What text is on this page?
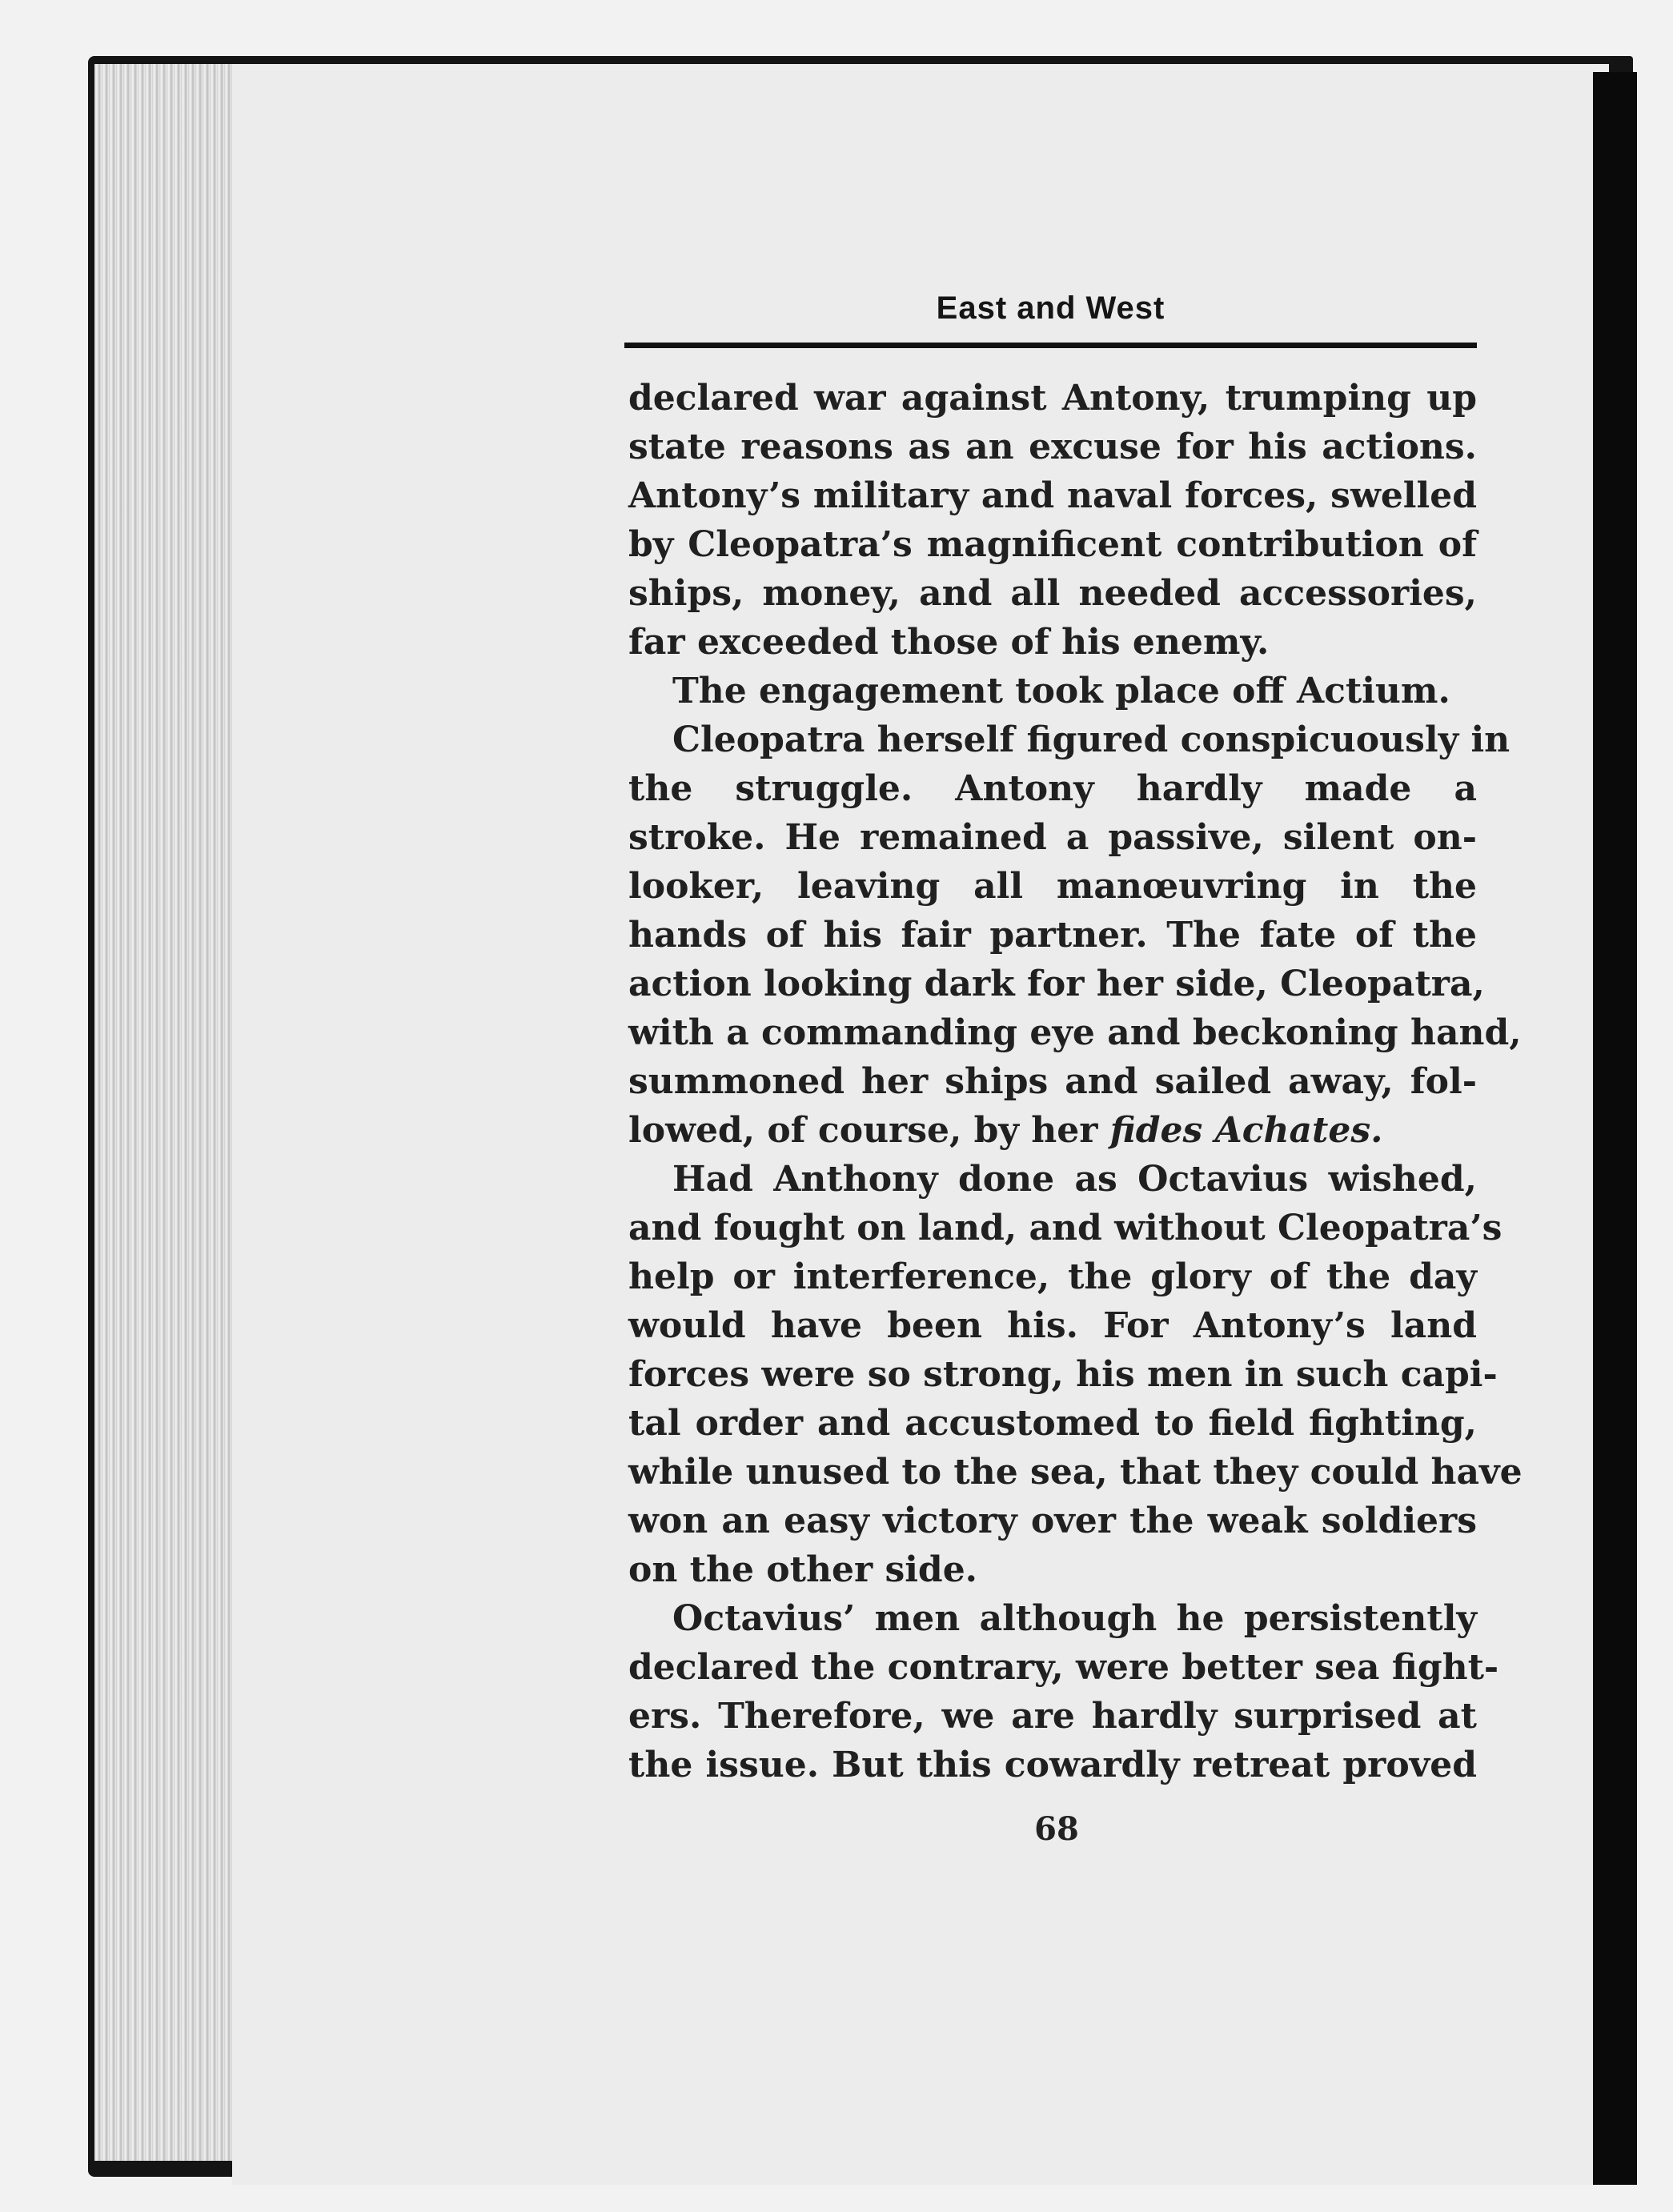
East and West
declared war against Antony, trumping up
state reasons as an excuse for his actions.
Antony’s military and naval forces, swelled
by Cleopatra’s magnificent contribution of
ships, money, and all needed accessories,
far exceeded those of his enemy.
The engagement took place off Actium.
Cleopatra herself figured conspicuously in
the struggle. Antony hardly made a
stroke. He remained a passive, silent on-
looker, leaving all manœuvring in the
hands of his fair partner. The fate of the
action looking dark for her side, Cleopatra,
with a commanding eye and beckoning hand,
summoned her ships and sailed away, fol-
lowed, of course, by her fides Achates.
Had Anthony done as Octavius wished,
and fought on land, and without Cleopatra’s
help or interference, the glory of the day
would have been his. For Antony’s land
forces were so strong, his men in such capi-
tal order and accustomed to field fighting,
while unused to the sea, that they could have
won an easy victory over the weak soldiers
on the other side.
Octavius’ men although he persistently
declared the contrary, were better sea fight-
ers. Therefore, we are hardly surprised at
the issue. But this cowardly retreat proved

68
